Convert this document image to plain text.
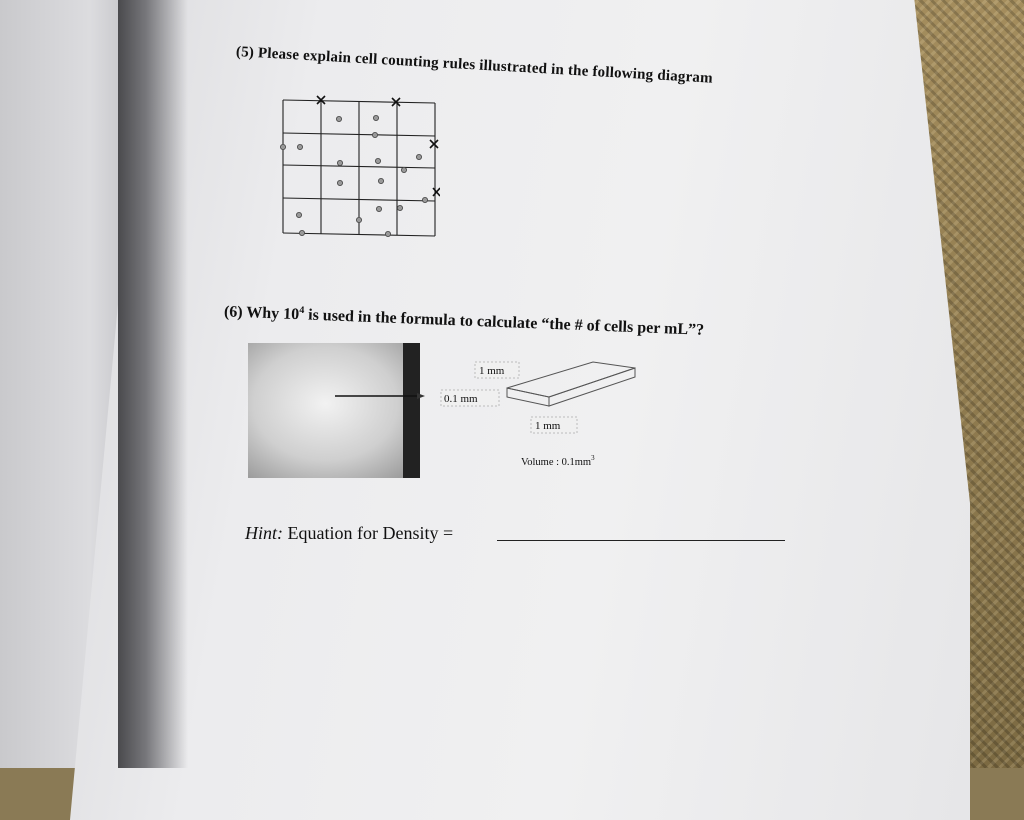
(5) Please explain cell counting rules illustrated in the following diagram
(6) Why $10^4$ is used in the formula to calculate “the # of cells per mL”?
1 mm
0.1 mm
1 mm
Volume : $0.1mm^3$
Hint: Equation for Density =
